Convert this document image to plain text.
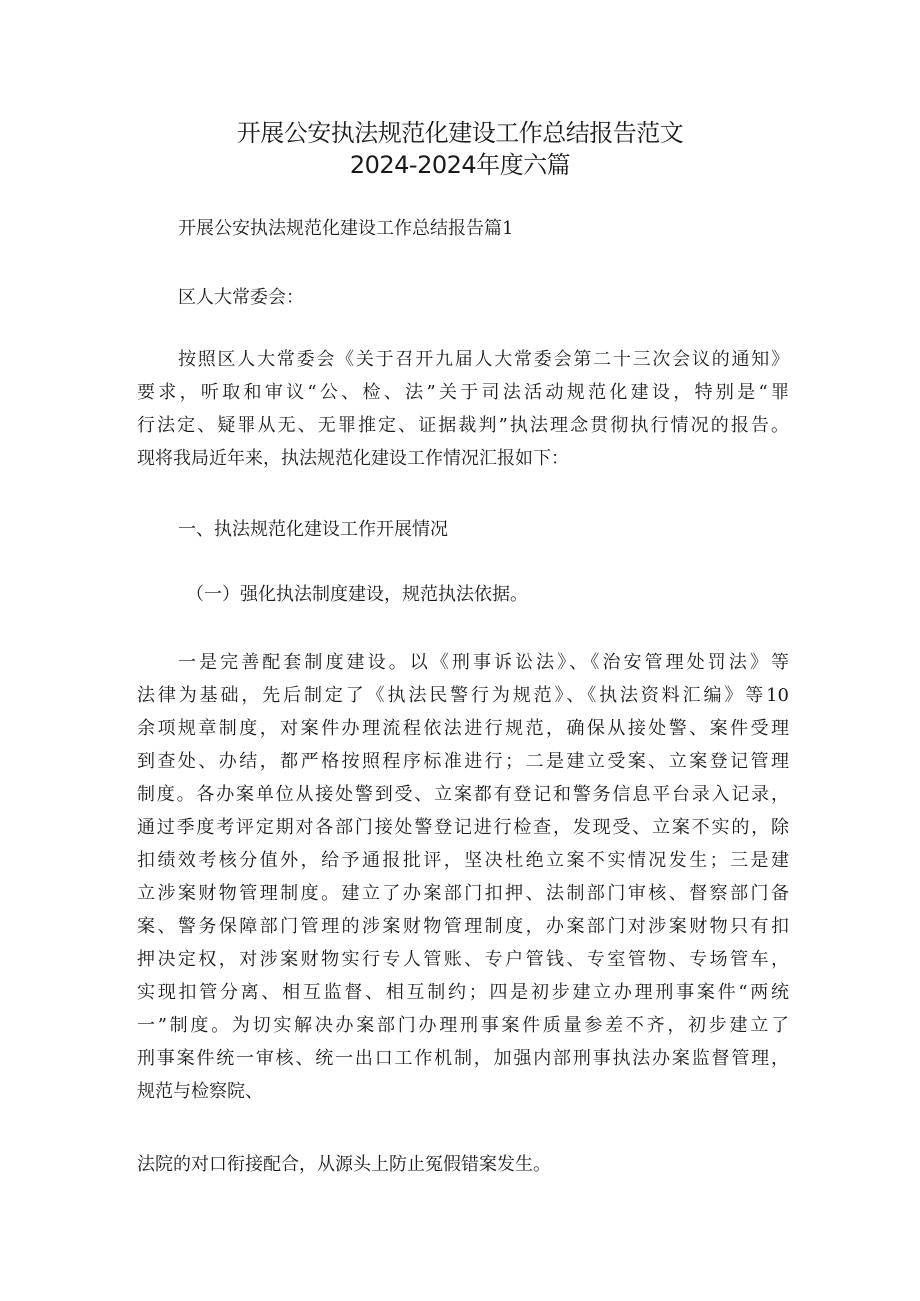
开展公安执法规范化建设工作总结报告范文
2024-2024年度六篇
开展公安执法规范化建设工作总结报告篇1
区人大常委会：
按照区人大常委会《关于召开九届人大常委会第二十三次会议的通知》
要求，听取和审议“公、检、法”关于司法活动规范化建设，特别是“罪
行法定、疑罪从无、无罪推定、证据裁判”执法理念贯彻执行情况的报告。
现将我局近年来，执法规范化建设工作情况汇报如下：
一、执法规范化建设工作开展情况
（一）强化执法制度建设，规范执法依据。
一是完善配套制度建设。以《刑事诉讼法》、《治安管理处罚法》等
法律为基础，先后制定了《执法民警行为规范》、《执法资料汇编》等10
余项规章制度，对案件办理流程依法进行规范，确保从接处警、案件受理
到查处、办结，都严格按照程序标准进行；二是建立受案、立案登记管理
制度。各办案单位从接处警到受、立案都有登记和警务信息平台录入记录，
通过季度考评定期对各部门接处警登记进行检查，发现受、立案不实的，除
扣绩效考核分值外，给予通报批评，坚决杜绝立案不实情况发生；三是建
立涉案财物管理制度。建立了办案部门扣押、法制部门审核、督察部门备
案、警务保障部门管理的涉案财物管理制度，办案部门对涉案财物只有扣
押决定权，对涉案财物实行专人管账、专户管钱、专室管物、专场管车，
实现扣管分离、相互监督、相互制约；四是初步建立办理刑事案件“两统
一”制度。为切实解决办案部门办理刑事案件质量参差不齐，初步建立了
刑事案件统一审核、统一出口工作机制，加强内部刑事执法办案监督管理，
规范与检察院、
法院的对口衔接配合，从源头上防止冤假错案发生。
